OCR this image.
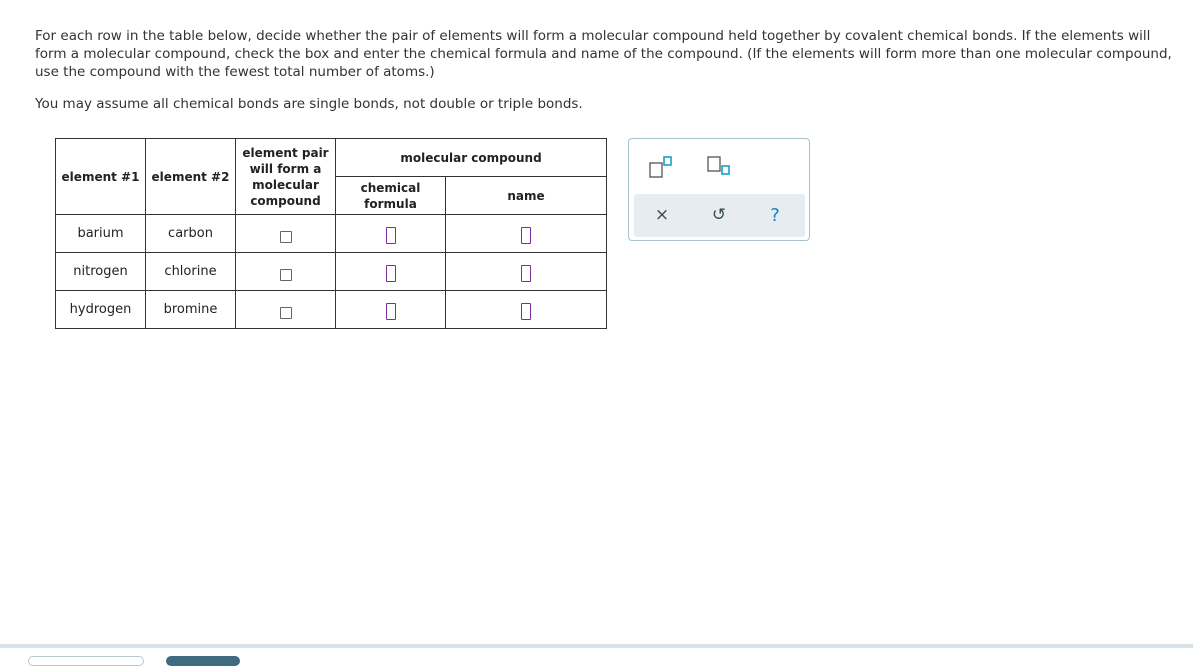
For each row in the table below, decide whether the pair of elements will form a molecular compound held together by covalent chemical bonds. If the elements will form a molecular compound, check the box and enter the chemical formula and name of the compound. (If the elements will form more than one molecular compound, use the compound with the fewest total number of atoms.)

You may assume all chemical bonds are single bonds, not double or triple bonds.

element #1	element #2	element pair will form a molecular compound	molecular compound	
			chemical formula	name
barium	carbon			
nitrogen	chlorine			
hydrogen	bromine			
×	↺ ?
